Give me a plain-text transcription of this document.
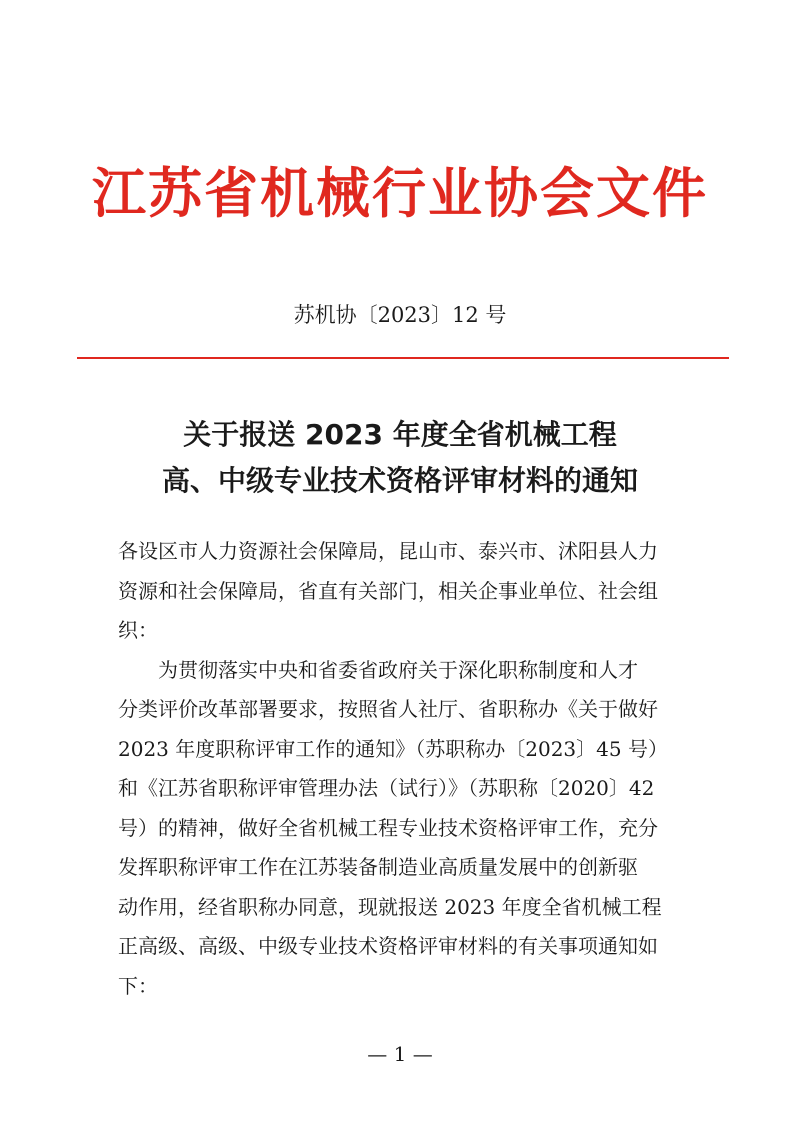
江苏省机械行业协会文件
苏机协〔2023〕12 号
关于报送 2023 年度全省机械工程
高、中级专业技术资格评审材料的通知
各设区市人力资源社会保障局，昆山市、泰兴市、沭阳县人力
资源和社会保障局，省直有关部门，相关企事业单位、社会组
织：
为贯彻落实中央和省委省政府关于深化职称制度和人才
分类评价改革部署要求，按照省人社厅、省职称办《关于做好
2023 年度职称评审工作的通知》（苏职称办〔2023〕45 号）
和《江苏省职称评审管理办法（试行）》（苏职称〔2020〕42
号）的精神，做好全省机械工程专业技术资格评审工作，充分
发挥职称评审工作在江苏装备制造业高质量发展中的创新驱
动作用，经省职称办同意，现就报送 2023 年度全省机械工程
正高级、高级、中级专业技术资格评审材料的有关事项通知如
下：
— 1 —
